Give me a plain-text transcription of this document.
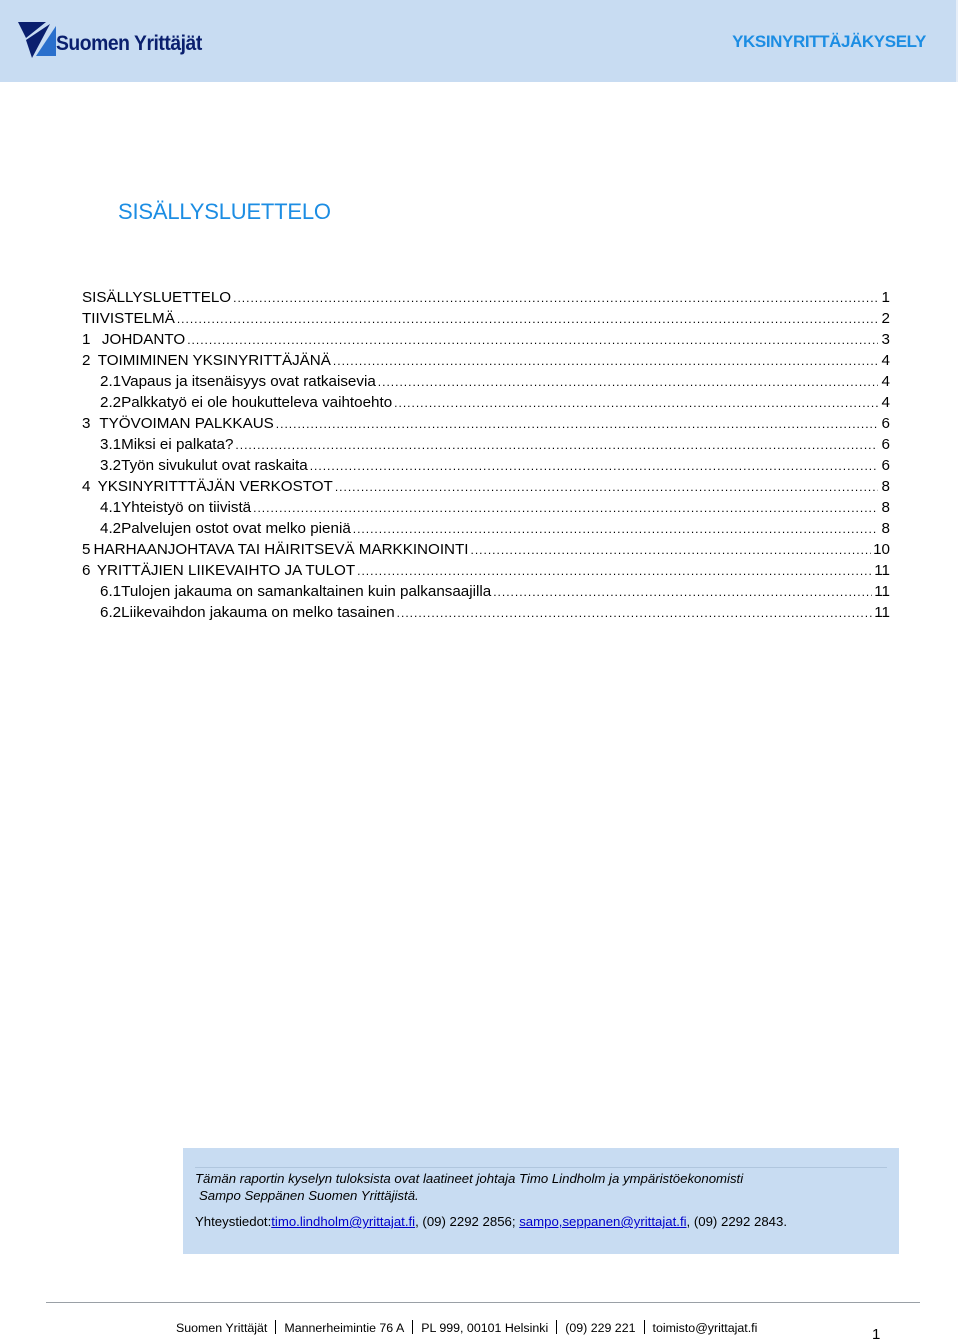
Suomen Yrittäjät	YKSINYRITTÄJÄKYSELY
SISÄLLYSLUETTELO
SISÄLLYSLUETTELO .....	1
TIIVISTELMÄ .....	2
1 JOHDANTO .....	3
2 TOIMIMINEN YKSINYRITTÄJÄNÄ .....	4
2.1 Vapaus ja itsenäisyys ovat ratkaisevia .....	4
2.2 Palkkatyö ei ole houkutteleva vaihtoehto .....	4
3 TYÖVOIMAN PALKKAUS .....	6
3.1 Miksi ei palkata? .....	6
3.2 Työn sivukulut ovat raskaita .....	6
4 YKSINYRITTTÄJÄN VERKOSTOT .....	8
4.1 Yhteistyö on tiivistä .....	8
4.2 Palvelujen ostot ovat melko pieniä .....	8
5 HARHAANJOHTAVA TAI HÄIRITSEVÄ MARKKINOINTI .....	10
6 YRITTÄJIEN LIIKEVAIHTO JA TULOT .....	11
6.1 Tulojen jakauma on samankaltainen kuin palkansaajilla .....	11
6.2 Liikevaihdon jakauma on melko tasainen .....	11
Tämän raportin kyselyn tuloksista ovat laatineet johtaja Timo Lindholm ja ympäristöekonomisti
Sampo Seppänen Suomen Yrittäjistä.
Yhteystiedot:timo.lindholm@yrittajat.fi, (09) 2292 2856; sampo,seppanen@yrittajat.fi, (09) 2292 2843.
Suomen Yrittäjät Mannerheimintie 76 A PL 999, 00101 Helsinki (09) 229 221 toimisto@yrittajat.fi	1
